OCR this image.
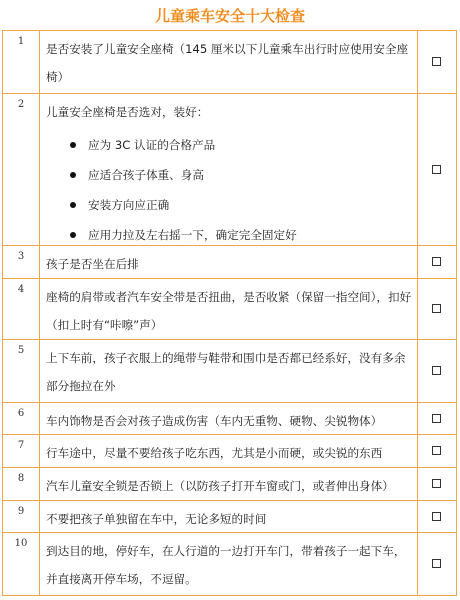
儿童乘车安全十大检查
1
是否安装了儿童安全座椅（145 厘米以下儿童乘车出行时应使用安全座椅）
2
儿童安全座椅是否选对，装好：
应为 3C 认证的合格产品
应适合孩子体重、身高
安装方向应正确
应用力拉及左右摇一下，确定完全固定好
3
孩子是否坐在后排
4
座椅的肩带或者汽车安全带是否扭曲，是否收紧（保留一指空间），扣好（扣上时有“咔嚓”声）
5
上下车前，孩子衣服上的绳带与鞋带和围巾是否都已经系好，没有多余部分拖拉在外
6
车内饰物是否会对孩子造成伤害（车内无重物、硬物、尖锐物体）
7
行车途中，尽量不要给孩子吃东西，尤其是小而硬，或尖锐的东西
8
汽车儿童安全锁是否锁上（以防孩子打开车窗或门，或者伸出身体）
9
不要把孩子单独留在车中，无论多短的时间
10
到达目的地，停好车，在人行道的一边打开车门，带着孩子一起下车，并直接离开停车场，不逗留。
